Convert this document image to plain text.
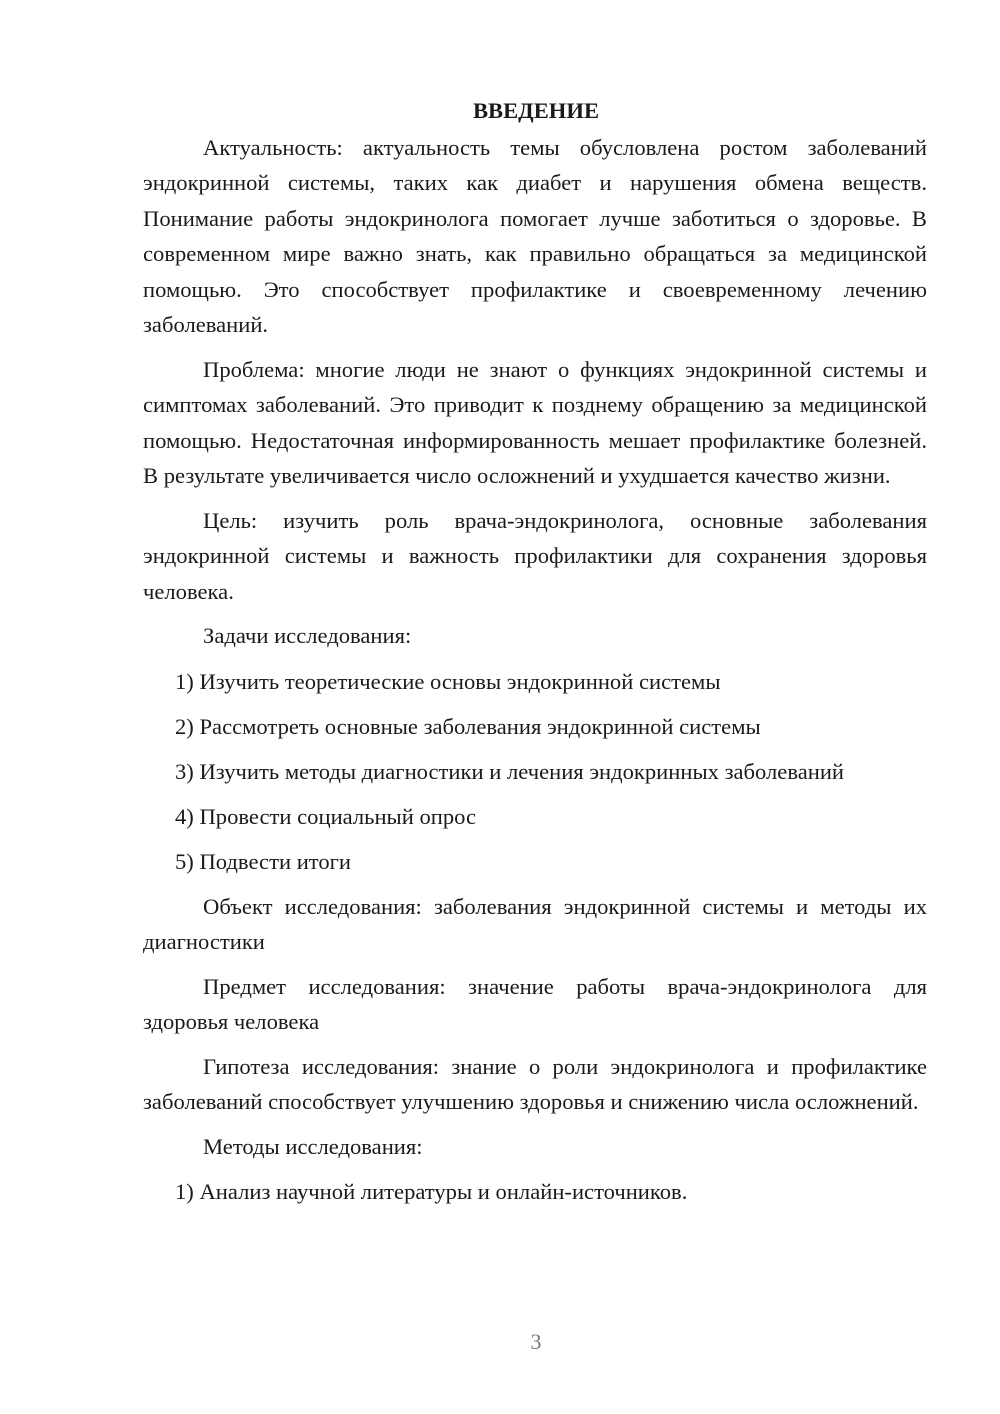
ВВЕДЕНИЕ

Актуальность: актуальность темы обусловлена ростом заболеваний эндокринной системы, таких как диабет и нарушения обмена веществ. Понимание работы эндокринолога помогает лучше заботиться о здоровье. В современном мире важно знать, как правильно обращаться за медицинской помощью. Это способствует профилактике и своевременному лечению заболеваний.

Проблема: многие люди не знают о функциях эндокринной системы и симптомах заболеваний. Это приводит к позднему обращению за медицинской помощью. Недостаточная информированность мешает профилактике болезней. В результате увеличивается число осложнений и ухудшается качество жизни.

Цель: изучить роль врача-эндокринолога, основные заболевания эндокринной системы и важность профилактики для сохранения здоровья человека.

Задачи исследования:

1) Изучить теоретические основы эндокринной системы
2) Рассмотреть основные заболевания эндокринной системы
3) Изучить методы диагностики и лечения эндокринных заболеваний
4) Провести социальный опрос
5) Подвести итоги

Объект исследования: заболевания эндокринной системы и методы их диагностики

Предмет исследования: значение работы врача-эндокринолога для здоровья человека

Гипотеза исследования: знание о роли эндокринолога и профилактике заболеваний способствует улучшению здоровья и снижению числа осложнений.

Методы исследования:

1) Анализ научной литературы и онлайн-источников.
3
